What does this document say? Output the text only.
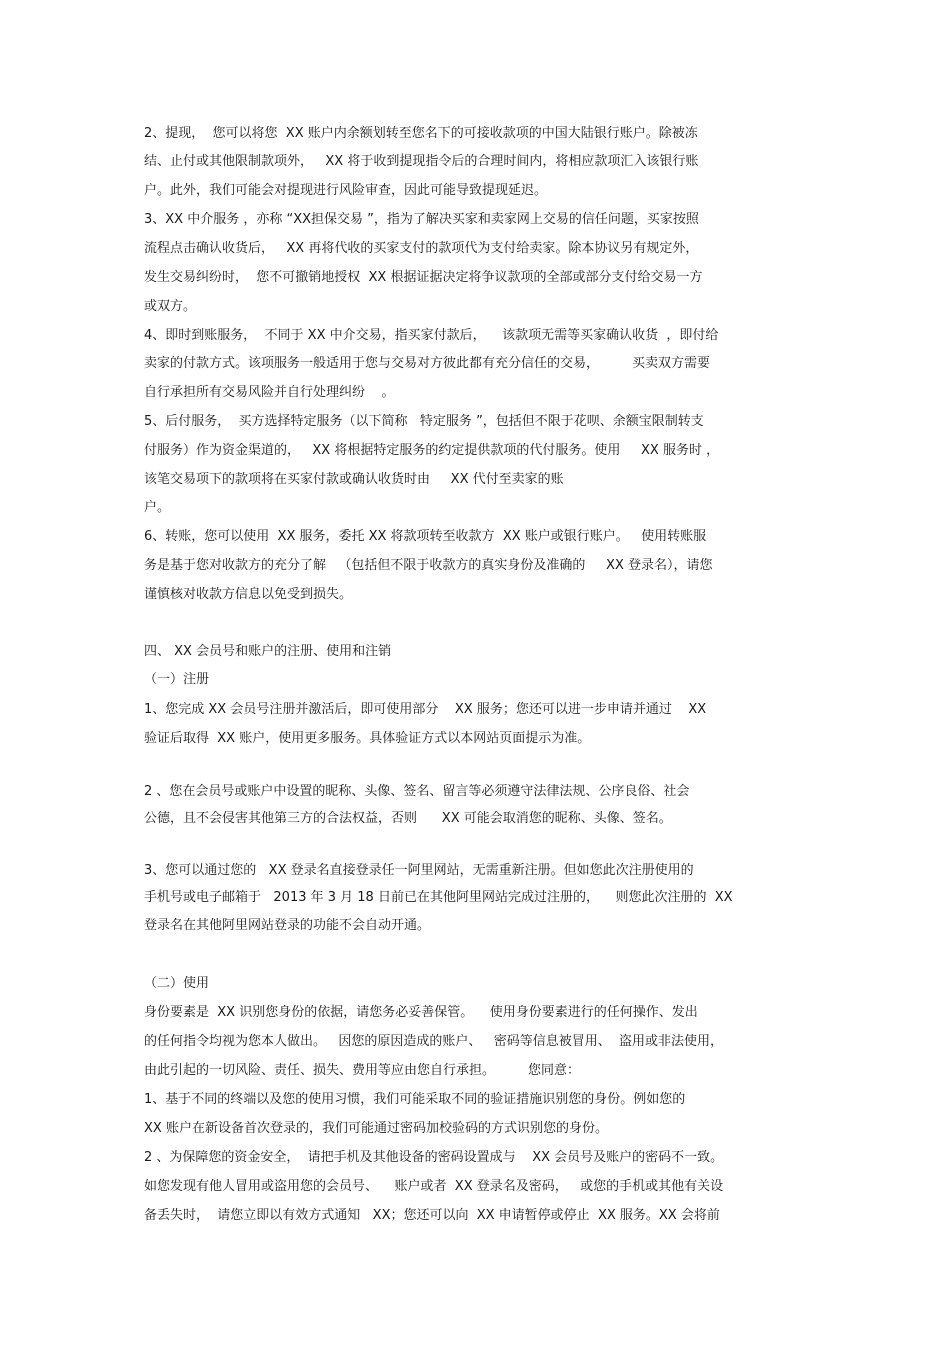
2、提现，  您可以将您  XX 账户内余额划转至您名下的可接收款项的中国大陆银行账户。除被冻
结、止付或其他限制款项外，   XX 将于收到提现指令后的合理时间内，将相应款项汇入该银行账
户。此外，我们可能会对提现进行风险审查，因此可能导致提现延迟。
3、XX 中介服务 ，亦称 “XX担保交易 ”，指为了解决买家和卖家网上交易的信任问题，买家按照
流程点击确认收货后，   XX 再将代收的买家支付的款项代为支付给卖家。除本协议另有规定外，
发生交易纠纷时，  您不可撤销地授权  XX 根据证据决定将争议款项的全部或部分支付给交易一方
或双方。
4、即时到账服务，  不同于 XX 中介交易，指买家付款后，    该款项无需等买家确认收货  ，即付给
卖家的付款方式。该项服务一般适用于您与交易对方彼此都有充分信任的交易，        买卖双方需要
自行承担所有交易风险并自行处理纠纷    。
5、后付服务，  买方选择特定服务（以下简称   特定服务 ”，包括但不限于花呗、余额宝限制转支
付服务）作为资金渠道的，   XX 将根据特定服务的约定提供款项的代付服务。使用     XX 服务时 ，
该笔交易项下的款项将在买家付款或确认收货时由     XX 代付至卖家的账
户。
6、转账，您可以使用  XX 服务，委托 XX 将款项转至收款方  XX 账户或银行账户。   使用转账服
务是基于您对收款方的充分了解   （包括但不限于收款方的真实身份及准确的     XX 登录名），请您
谨慎核对收款方信息以免受到损失。
四、 XX 会员号和账户的注册、使用和注销
（一）注册
1、您完成 XX 会员号注册并激活后，即可使用部分    XX 服务；您还可以进一步申请并通过    XX
验证后取得  XX 账户，使用更多服务。具体验证方式以本网站页面提示为准。
2 、您在会员号或账户中设置的昵称、头像、签名、留言等必须遵守法律法规、公序良俗、社会
公德，且不会侵害其他第三方的合法权益，否则      XX 可能会取消您的昵称、头像、签名。
3、您可以通过您的   XX 登录名直接登录任一阿里网站，无需重新注册。但如您此次注册使用的
手机号或电子邮箱于   2013 年 3 月 18 日前已在其他阿里网站完成过注册的，    则您此次注册的  XX
登录名在其他阿里网站登录的功能不会自动开通。
（二）使用
身份要素是  XX 识别您身份的依据，请您务必妥善保管。    使用身份要素进行的任何操作、发出
的任何指令均视为您本人做出。   因您的原因造成的账户、   密码等信息被冒用、  盗用或非法使用，
由此引起的一切风险、责任、损失、费用等应由您自行承担。        您同意：
1、基于不同的终端以及您的使用习惯，我们可能采取不同的验证措施识别您的身份。例如您的
XX 账户在新设备首次登录的，我们可能通过密码加校验码的方式识别您的身份。
2 、为保障您的资金安全，  请把手机及其他设备的密码设置成与    XX 会员号及账户的密码不一致。
如您发现有他人冒用或盗用您的会员号、    账户或者  XX 登录名及密码，   或您的手机或其他有关设
备丢失时，  请您立即以有效方式通知   XX；您还可以向  XX 申请暂停或停止  XX 服务。XX 会将前
